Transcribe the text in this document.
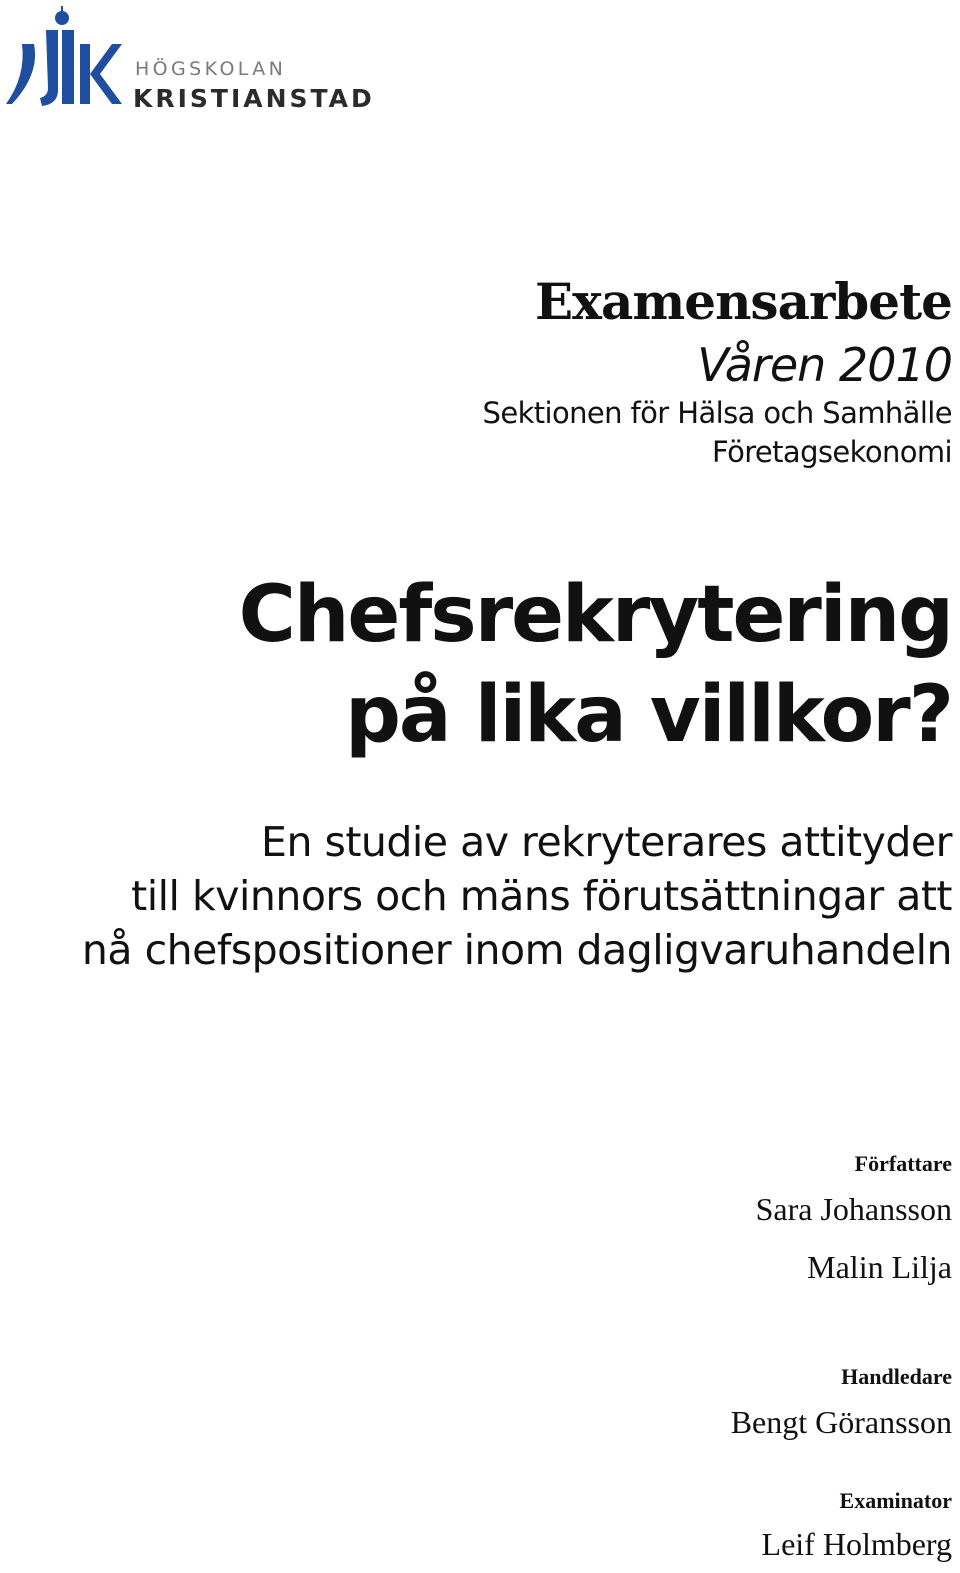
HÖGSKOLAN
KRISTIANSTAD
Examensarbete
Våren 2010
Sektionen för Hälsa och Samhälle
Företagsekonomi
Chefsrekrytering
på lika villkor?
En studie av rekryterares attityder
till kvinnors och mäns förutsättningar att
nå chefspositioner inom dagligvaruhandeln
Författare
Sara Johansson
Malin Lilja
Handledare
Bengt Göransson
Examinator
Leif Holmberg
